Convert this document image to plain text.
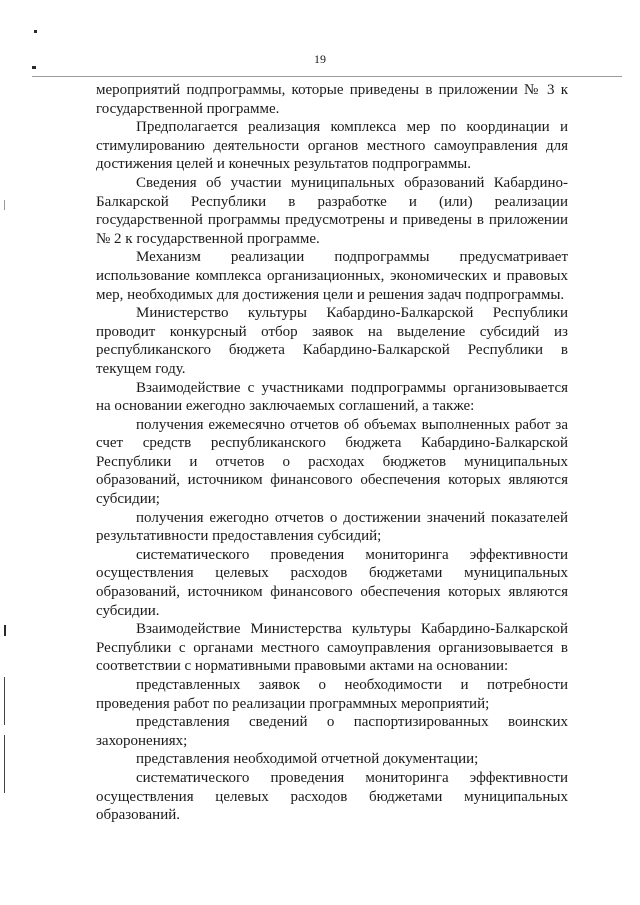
19

мероприятий подпрограммы, которые приведены в приложении № 3 к государственной программе.

Предполагается реализация комплекса мер по координации и стимулированию деятельности органов местного самоуправления для достижения целей и конечных результатов подпрограммы.

Сведения об участии муниципальных образований Кабардино-Балкарской Республики в разработке и (или) реализации государственной программы предусмотрены и приведены в приложении № 2 к государственной программе.

Механизм реализации подпрограммы предусматривает использование комплекса организационных, экономических и правовых мер, необходимых для достижения цели и решения задач подпрограммы.

Министерство культуры Кабардино-Балкарской Республики проводит конкурсный отбор заявок на выделение субсидий из республиканского бюджета Кабардино-Балкарской Республики в текущем году.

Взаимодействие с участниками подпрограммы организовывается на основании ежегодно заключаемых соглашений, а также:

получения ежемесячно отчетов об объемах выполненных работ за счет средств республиканского бюджета Кабардино-Балкарской Республики и отчетов о расходах бюджетов муниципальных образований, источником финансового обеспечения которых являются субсидии;

получения ежегодно отчетов о достижении значений показателей результативности предоставления субсидий;

систематического проведения мониторинга эффективности осуществления целевых расходов бюджетами муниципальных образований, источником финансового обеспечения которых являются субсидии.

Взаимодействие Министерства культуры Кабардино-Балкарской Республики с органами местного самоуправления организовывается в соответствии с нормативными правовыми актами на основании:

представленных заявок о необходимости и потребности проведения работ по реализации программных мероприятий;

представления сведений о паспортизированных воинских захоронениях;

представления необходимой отчетной документации;

систематического проведения мониторинга эффективности осуществления целевых расходов бюджетами муниципальных образований.
